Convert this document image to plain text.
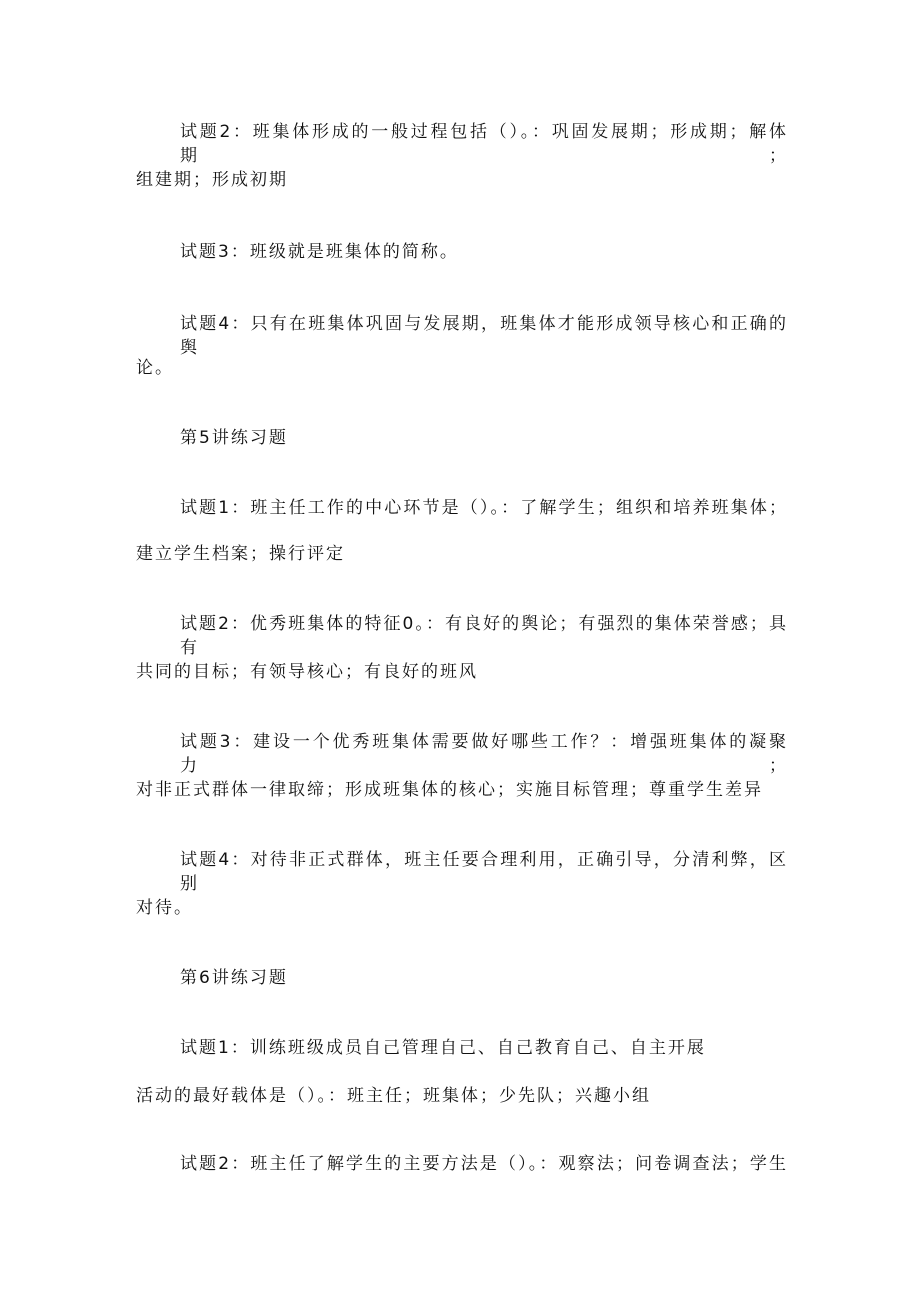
试题2：班集体形成的一般过程包括（）。：巩固发展期；形成期；解体期；
组建期；形成初期
试题3：班级就是班集体的简称。
试题4：只有在班集体巩固与发展期，班集体才能形成领导核心和正确的舆
论。
第5讲练习题
试题1：班主任工作的中心环节是（）。：了解学生；组织和培养班集体；
建立学生档案；操行评定
试题2：优秀班集体的特征0。：有良好的舆论；有强烈的集体荣誉感；具有
共同的目标；有领导核心；有良好的班风
试题3：建设一个优秀班集体需要做好哪些工作？：增强班集体的凝聚力；
对非正式群体一律取缔；形成班集体的核心；实施目标管理；尊重学生差异
试题4：对待非正式群体，班主任要合理利用，正确引导，分清利弊，区别
对待。
第6讲练习题
试题1：训练班级成员自己管理自己、自己教育自己、自主开展
活动的最好载体是（）。：班主任；班集体；少先队；兴趣小组
试题2：班主任了解学生的主要方法是（）。：观察法；问卷调查法；学生
